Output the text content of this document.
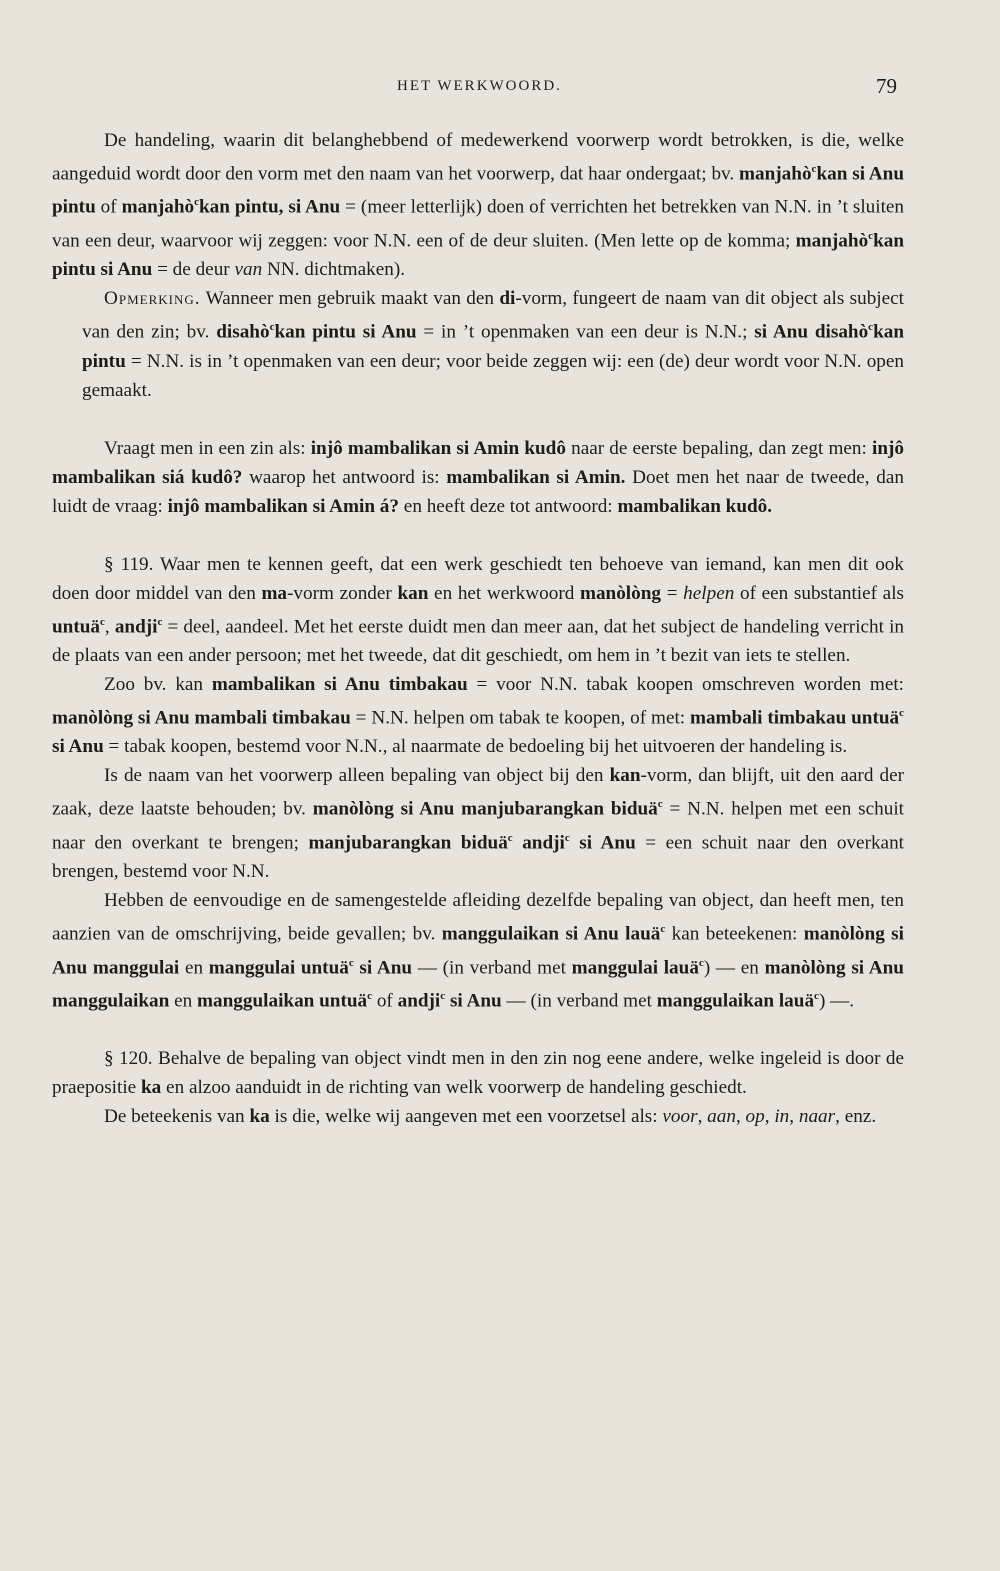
HET WERKWOORD.	79

De handeling, waarin dit belanghebbend of medewerkend voorwerp wordt betrokken, is die, welke aangeduid wordt door den vorm met den naam van het voorwerp, dat haar ondergaat; bv. manjahò$^c$kan si Anu pintu of manjahò$^c$kan pintu, si Anu = (meer letterlijk) doen of verrichten het betrekken van N.N. in ’t sluiten van een deur, waarvoor wij zeggen: voor N.N. een of de deur sluiten. (Men lette op de komma; manjahò$^c$kan pintu si Anu = de deur van NN. dichtmaken).

Opmerking. Wanneer men gebruik maakt van den di-vorm, fungeert de naam van dit object als subject van den zin; bv. disahò$^c$kan pintu si Anu = in ’t openmaken van een deur is N.N.; si Anu disahò$^c$kan pintu = N.N. is in ’t openmaken van een deur; voor beide zeggen wij: een (de) deur wordt voor N.N. open gemaakt.

Vraagt men in een zin als: injô mambalikan si Amin kudô naar de eerste bepaling, dan zegt men: injô mambalikan siá kudô? waarop het antwoord is: mambalikan si Amin. Doet men het naar de tweede, dan luidt de vraag: injô mambalikan si Amin á? en heeft deze tot antwoord: mambalikan kudô.

§ 119. Waar men te kennen geeft, dat een werk geschiedt ten behoeve van iemand, kan men dit ook doen door middel van den ma-vorm zonder kan en het werkwoord manòlòng = helpen of een substantief als untuä$^c$, andji$^c$ = deel, aandeel. Met het eerste duidt men dan meer aan, dat het subject de handeling verricht in de plaats van een ander persoon; met het tweede, dat dit geschiedt, om hem in ’t bezit van iets te stellen.

Zoo bv. kan mambalikan si Anu timbakau = voor N.N. tabak koopen omschreven worden met: manòlòng si Anu mambali timbakau = N.N. helpen om tabak te koopen, of met: mambali timbakau untuä$^c$ si Anu = tabak koopen, bestemd voor N.N., al naarmate de bedoeling bij het uitvoeren der handeling is.

Is de naam van het voorwerp alleen bepaling van object bij den kan-vorm, dan blijft, uit den aard der zaak, deze laatste behouden; bv. manòlòng si Anu manjubarangkan biduä$^c$ = N.N. helpen met een schuit naar den overkant te brengen; manjubarangkan biduä$^c$ andji$^c$ si Anu = een schuit naar den overkant brengen, bestemd voor N.N.

Hebben de eenvoudige en de samengestelde afleiding dezelfde bepaling van object, dan heeft men, ten aanzien van de omschrijving, beide gevallen; bv. manggulaikan si Anu lauä$^c$ kan beteekenen: manòlòng si Anu manggulai en manggulai untuä$^c$ si Anu — (in verband met manggulai lauä$^c$) — en manòlòng si Anu manggulaikan en manggulaikan untuä$^c$ of andji$^c$ si Anu — (in verband met manggulaikan lauä$^c$) —.

§ 120. Behalve de bepaling van object vindt men in den zin nog eene andere, welke ingeleid is door de praepositie ka en alzoo aanduidt in de richting van welk voorwerp de handeling geschiedt.

De beteekenis van ka is die, welke wij aangeven met een voorzetsel als: voor, aan, op, in, naar, enz.
